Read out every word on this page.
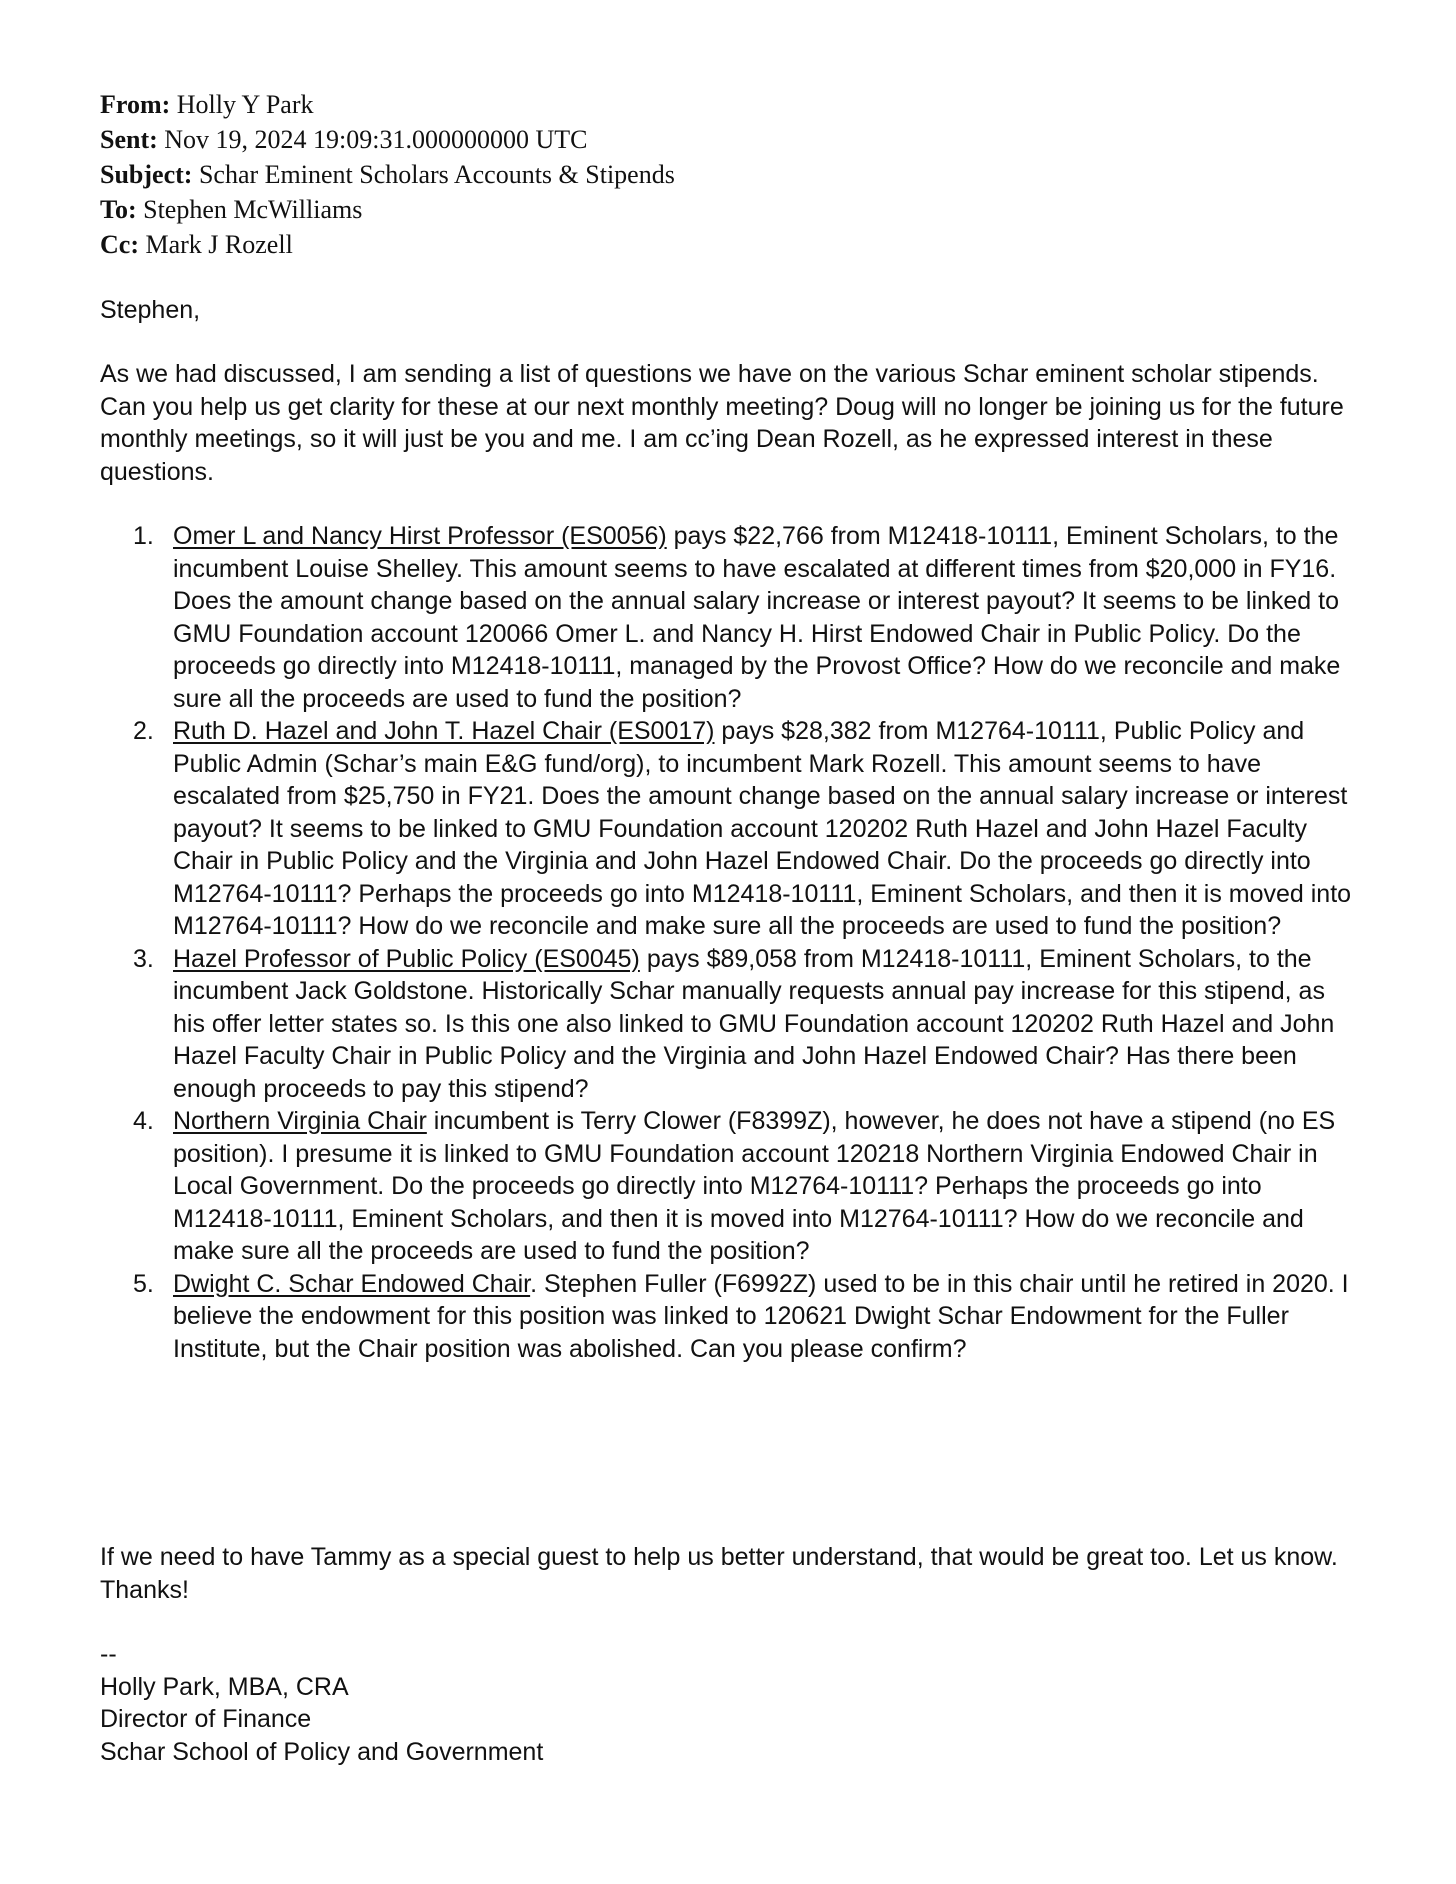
From: Holly Y Park
Sent: Nov 19, 2024 19:09:31.000000000 UTC
Subject: Schar Eminent Scholars Accounts & Stipends
To: Stephen McWilliams
Cc: Mark J Rozell
Stephen,

As we had discussed, I am sending a list of questions we have on the various Schar eminent scholar stipends. Can you help us get clarity for these at our next monthly meeting? Doug will no longer be joining us for the future monthly meetings, so it will just be you and me. I am cc’ing Dean Rozell, as he expressed interest in these questions.

1. Omer L and Nancy Hirst Professor (ES0056) pays $22,766 from M12418-10111, Eminent Scholars, to the incumbent Louise Shelley. This amount seems to have escalated at different times from $20,000 in FY16. Does the amount change based on the annual salary increase or interest payout? It seems to be linked to GMU Foundation account 120066 Omer L. and Nancy H. Hirst Endowed Chair in Public Policy. Do the proceeds go directly into M12418-10111, managed by the Provost Office? How do we reconcile and make sure all the proceeds are used to fund the position?
2. Ruth D. Hazel and John T. Hazel Chair (ES0017) pays $28,382 from M12764-10111, Public Policy and Public Admin (Schar’s main E&G fund/org), to incumbent Mark Rozell. This amount seems to have escalated from $25,750 in FY21. Does the amount change based on the annual salary increase or interest payout? It seems to be linked to GMU Foundation account 120202 Ruth Hazel and John Hazel Faculty Chair in Public Policy and the Virginia and John Hazel Endowed Chair. Do the proceeds go directly into M12764-10111? Perhaps the proceeds go into M12418-10111, Eminent Scholars, and then it is moved into M12764-10111? How do we reconcile and make sure all the proceeds are used to fund the position?
3. Hazel Professor of Public Policy (ES0045) pays $89,058 from M12418-10111, Eminent Scholars, to the incumbent Jack Goldstone. Historically Schar manually requests annual pay increase for this stipend, as his offer letter states so. Is this one also linked to GMU Foundation account 120202 Ruth Hazel and John Hazel Faculty Chair in Public Policy and the Virginia and John Hazel Endowed Chair? Has there been enough proceeds to pay this stipend?
4. Northern Virginia Chair incumbent is Terry Clower (F8399Z), however, he does not have a stipend (no ES position). I presume it is linked to GMU Foundation account 120218 Northern Virginia Endowed Chair in Local Government. Do the proceeds go directly into M12764-10111? Perhaps the proceeds go into M12418-10111, Eminent Scholars, and then it is moved into M12764-10111? How do we reconcile and make sure all the proceeds are used to fund the position?
5. Dwight C. Schar Endowed Chair. Stephen Fuller (F6992Z) used to be in this chair until he retired in 2020. I believe the endowment for this position was linked to 120621 Dwight Schar Endowment for the Fuller Institute, but the Chair position was abolished. Can you please confirm?

If we need to have Tammy as a special guest to help us better understand, that would be great too. Let us know. Thanks!

--
Holly Park, MBA, CRA
Director of Finance
Schar School of Policy and Government
